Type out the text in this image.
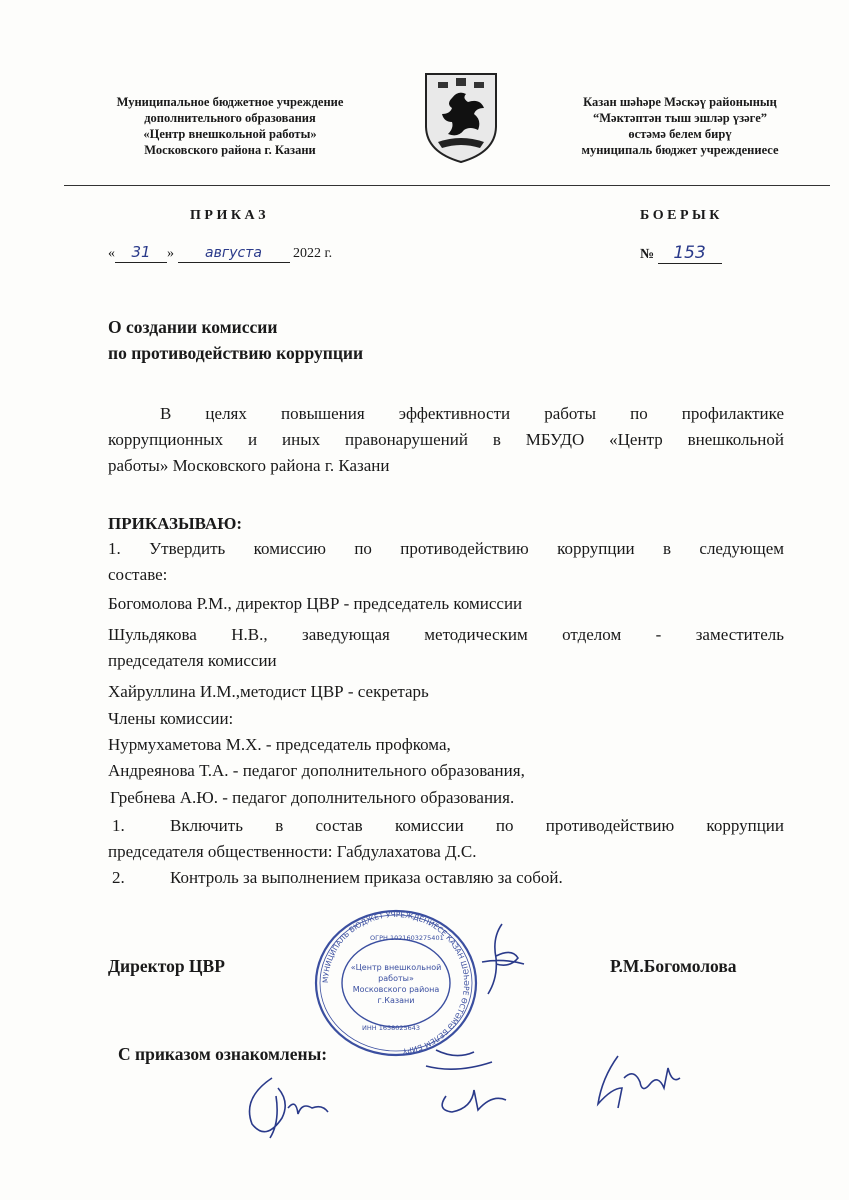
Муниципальное бюджетное учреждение
дополнительного образования
«Центр внешкольной работы»
Московского района г. Казани
Казан шәһәре Мәскәү районының
“Мәктәптән тыш эшләр үзәге”
өстәмә белем бирү
муниципаль бюджет учреждениесе
П Р И К А З	Б О Е Р Ы К
« 31 » августа 2022 г.	№ 153
О создании комиссии
по противодействию коррупции
В целях повышения эффективности работы по профилактике
коррупционных и иных правонарушений в МБУДО «Центр внешкольной
работы» Московского района г. Казани
ПРИКАЗЫВАЮ:
1. Утвердить комиссию по противодействию коррупции в следующем
составе:
Богомолова Р.М., директор ЦВР - председатель комиссии
Шульдякова Н.В., заведующая методическим отделом - заместитель
председателя комиссии
Хайруллина И.М.,методист ЦВР - секретарь
Члены комиссии:
Нурмухаметова М.Х. - председатель профкома,
Андреянова Т.А. - педагог дополнительного образования,
Гребнева А.Ю. - педагог дополнительного образования.
1.	Включить в состав комиссии по противодействию коррупции
председателя общественности: Габдулахатова Д.С.
2.	Контроль за выполнением приказа оставляю за собой.
МУНИЦИПАЛЬ БЮДЖЕТ УЧРЕЖДЕНИЕСЕ КАЗАН ШӘҺӘРЕ ӨСТӘМӘ БЕЛЕМ БИРҮ
ОГРН 1021603275401
ИНН 1658025643
«Центр внешкольной
работы»
Московского района
г.Казани
Директор ЦВР	Р.М.Богомолова
С приказом ознакомлены:
